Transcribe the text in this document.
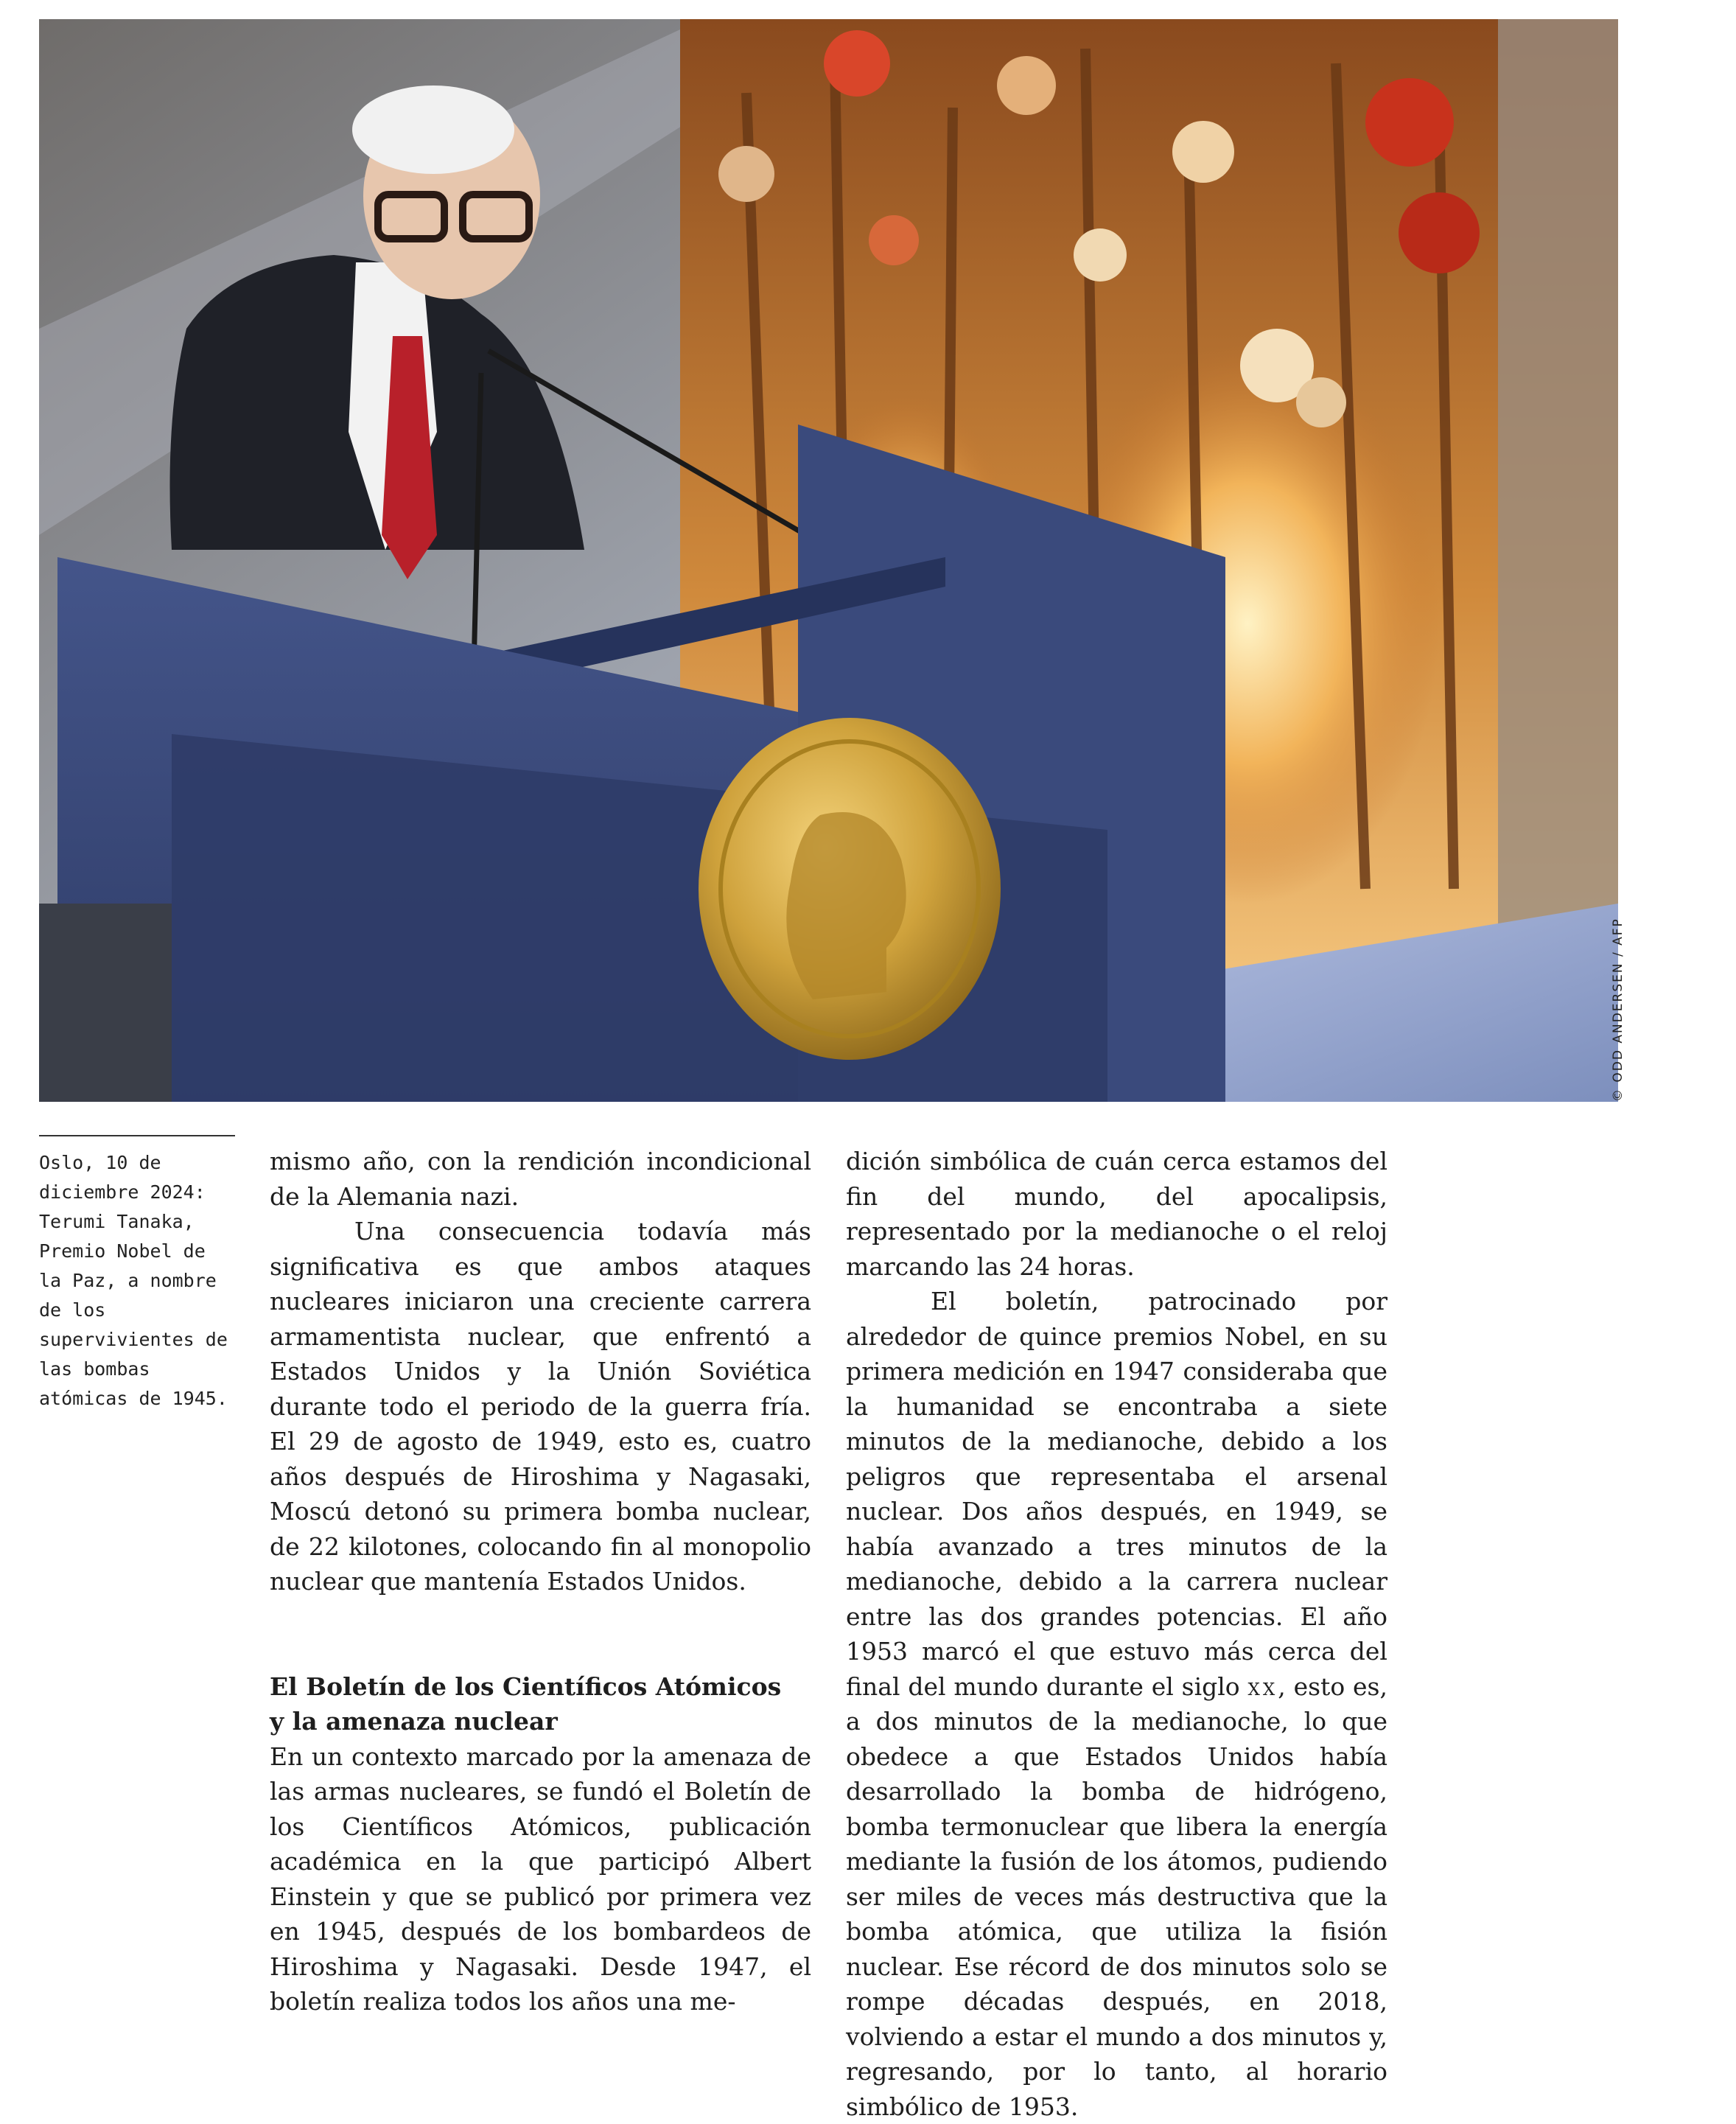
© ODD ANDERSEN / AFP

Oslo, 10 de diciembre 2024: Terumi Tanaka, Premio Nobel de la Paz, a nombre de los supervivientes de las bombas atómicas de 1945.

mismo año, con la rendición incondicional de la Alemania nazi.

Una consecuencia todavía más significativa es que ambos ataques nucleares iniciaron una creciente carrera armamentista nuclear, que enfrentó a Estados Unidos y la Unión Soviética durante todo el periodo de la guerra fría. El 29 de agosto de 1949, esto es, cuatro años después de Hiroshima y Nagasaki, Moscú detonó su primera bomba nuclear, de 22 kilotones, colocando fin al monopolio nuclear que mantenía Estados Unidos.

El Boletín de los Científicos Atómicos
y la amenaza nuclear

En un contexto marcado por la amenaza de las armas nucleares, se fundó el Boletín de los Científicos Atómicos, publicación académica en la que participó Albert Einstein y que se publicó por primera vez en 1945, después de los bombardeos de Hiroshima y Nagasaki. Desde 1947, el boletín realiza todos los años una me-

dición simbólica de cuán cerca estamos del fin del mundo, del apocalipsis, representado por la medianoche o el reloj marcando las 24 horas.

El boletín, patrocinado por alrededor de quince premios Nobel, en su primera medición en 1947 consideraba que la humanidad se encontraba a siete minutos de la medianoche, debido a los peligros que representaba el arsenal nuclear. Dos años después, en 1949, se había avanzado a tres minutos de la medianoche, debido a la carrera nuclear entre las dos grandes potencias. El año 1953 marcó el que estuvo más cerca del final del mundo durante el siglo xx, esto es, a dos minutos de la medianoche, lo que obedece a que Estados Unidos había desarrollado la bomba de hidrógeno, bomba termonuclear que libera la energía mediante la fusión de los átomos, pudiendo ser miles de veces más destructiva que la bomba atómica, que utiliza la fisión nuclear. Ese récord de dos minutos solo se rompe décadas después, en 2018, volviendo a estar el mundo a dos minutos y, regresando, por lo tanto, al horario simbólico de 1953.
